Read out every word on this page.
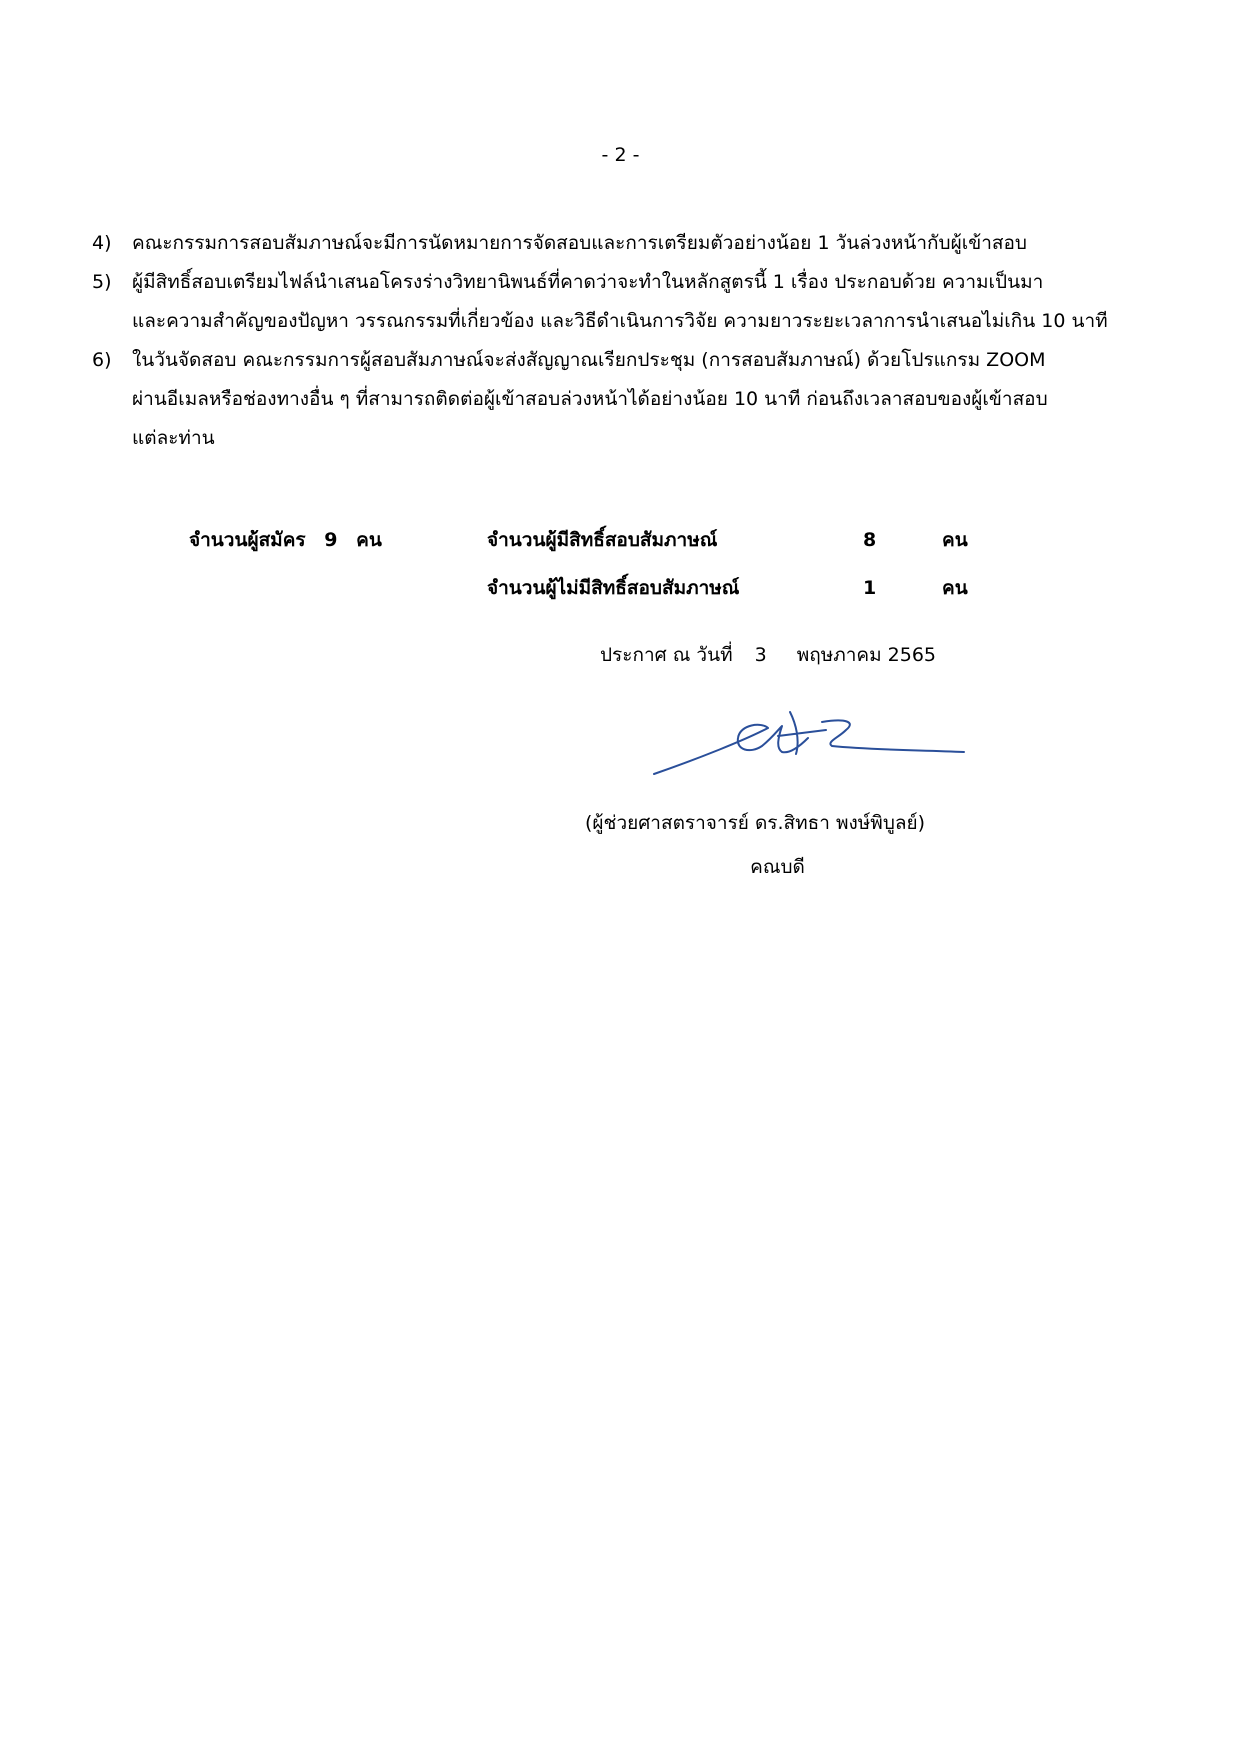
- 2 -
4) คณะกรรมการสอบสัมภาษณ์จะมีการนัดหมายการจัดสอบและการเตรียมตัวอย่างน้อย 1 วันล่วงหน้ากับผู้เข้าสอบ
5) ผู้มีสิทธิ์สอบเตรียมไฟล์นำเสนอโครงร่างวิทยานิพนธ์ที่คาดว่าจะทำในหลักสูตรนี้ 1 เรื่อง ประกอบด้วย ความเป็นมา
และความสำคัญของปัญหา วรรณกรรมที่เกี่ยวข้อง และวิธีดำเนินการวิจัย ความยาวระยะเวลาการนำเสนอไม่เกิน 10 นาที
6) ในวันจัดสอบ คณะกรรมการผู้สอบสัมภาษณ์จะส่งสัญญาณเรียกประชุม (การสอบสัมภาษณ์) ด้วยโปรแกรม ZOOM
ผ่านอีเมลหรือช่องทางอื่น ๆ ที่สามารถติดต่อผู้เข้าสอบล่วงหน้าได้อย่างน้อย 10 นาที ก่อนถึงเวลาสอบของผู้เข้าสอบ
แต่ละท่าน
จำนวนผู้สมัคร 9 คน	จำนวนผู้มีสิทธิ์สอบสัมภาษณ์	8	คน
จำนวนผู้ไม่มีสิทธิ์สอบสัมภาษณ์	1	คน
ประกาศ ณ วันที่ 3 พฤษภาคม 2565
(ผู้ช่วยศาสตราจารย์ ดร.สิทธา พงษ์พิบูลย์)
คณบดี
